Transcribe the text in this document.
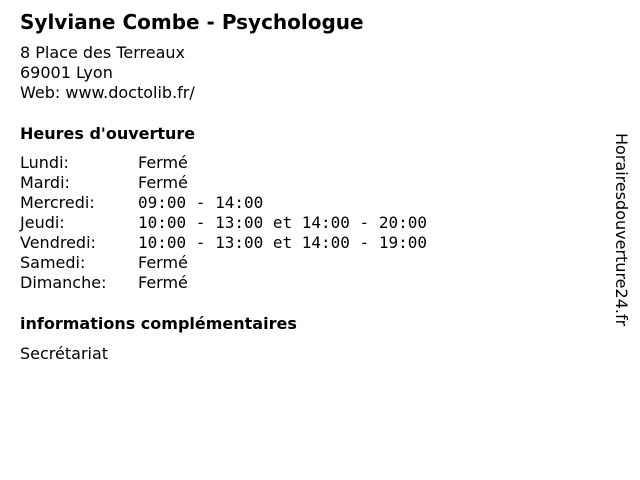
Sylviane Combe - Psychologue
8 Place des Terreaux
69001 Lyon
Web: www.doctolib.fr/
Heures d'ouverture
Lundi:	Fermé
Mardi:	Fermé
Mercredi:	09:00 - 14:00
Jeudi:	10:00 - 13:00 et 14:00 - 20:00
Vendredi:	10:00 - 13:00 et 14:00 - 19:00
Samedi:	Fermé
Dimanche:	Fermé
informations complémentaires
Secrétariat
Horairesdouverture24.fr
